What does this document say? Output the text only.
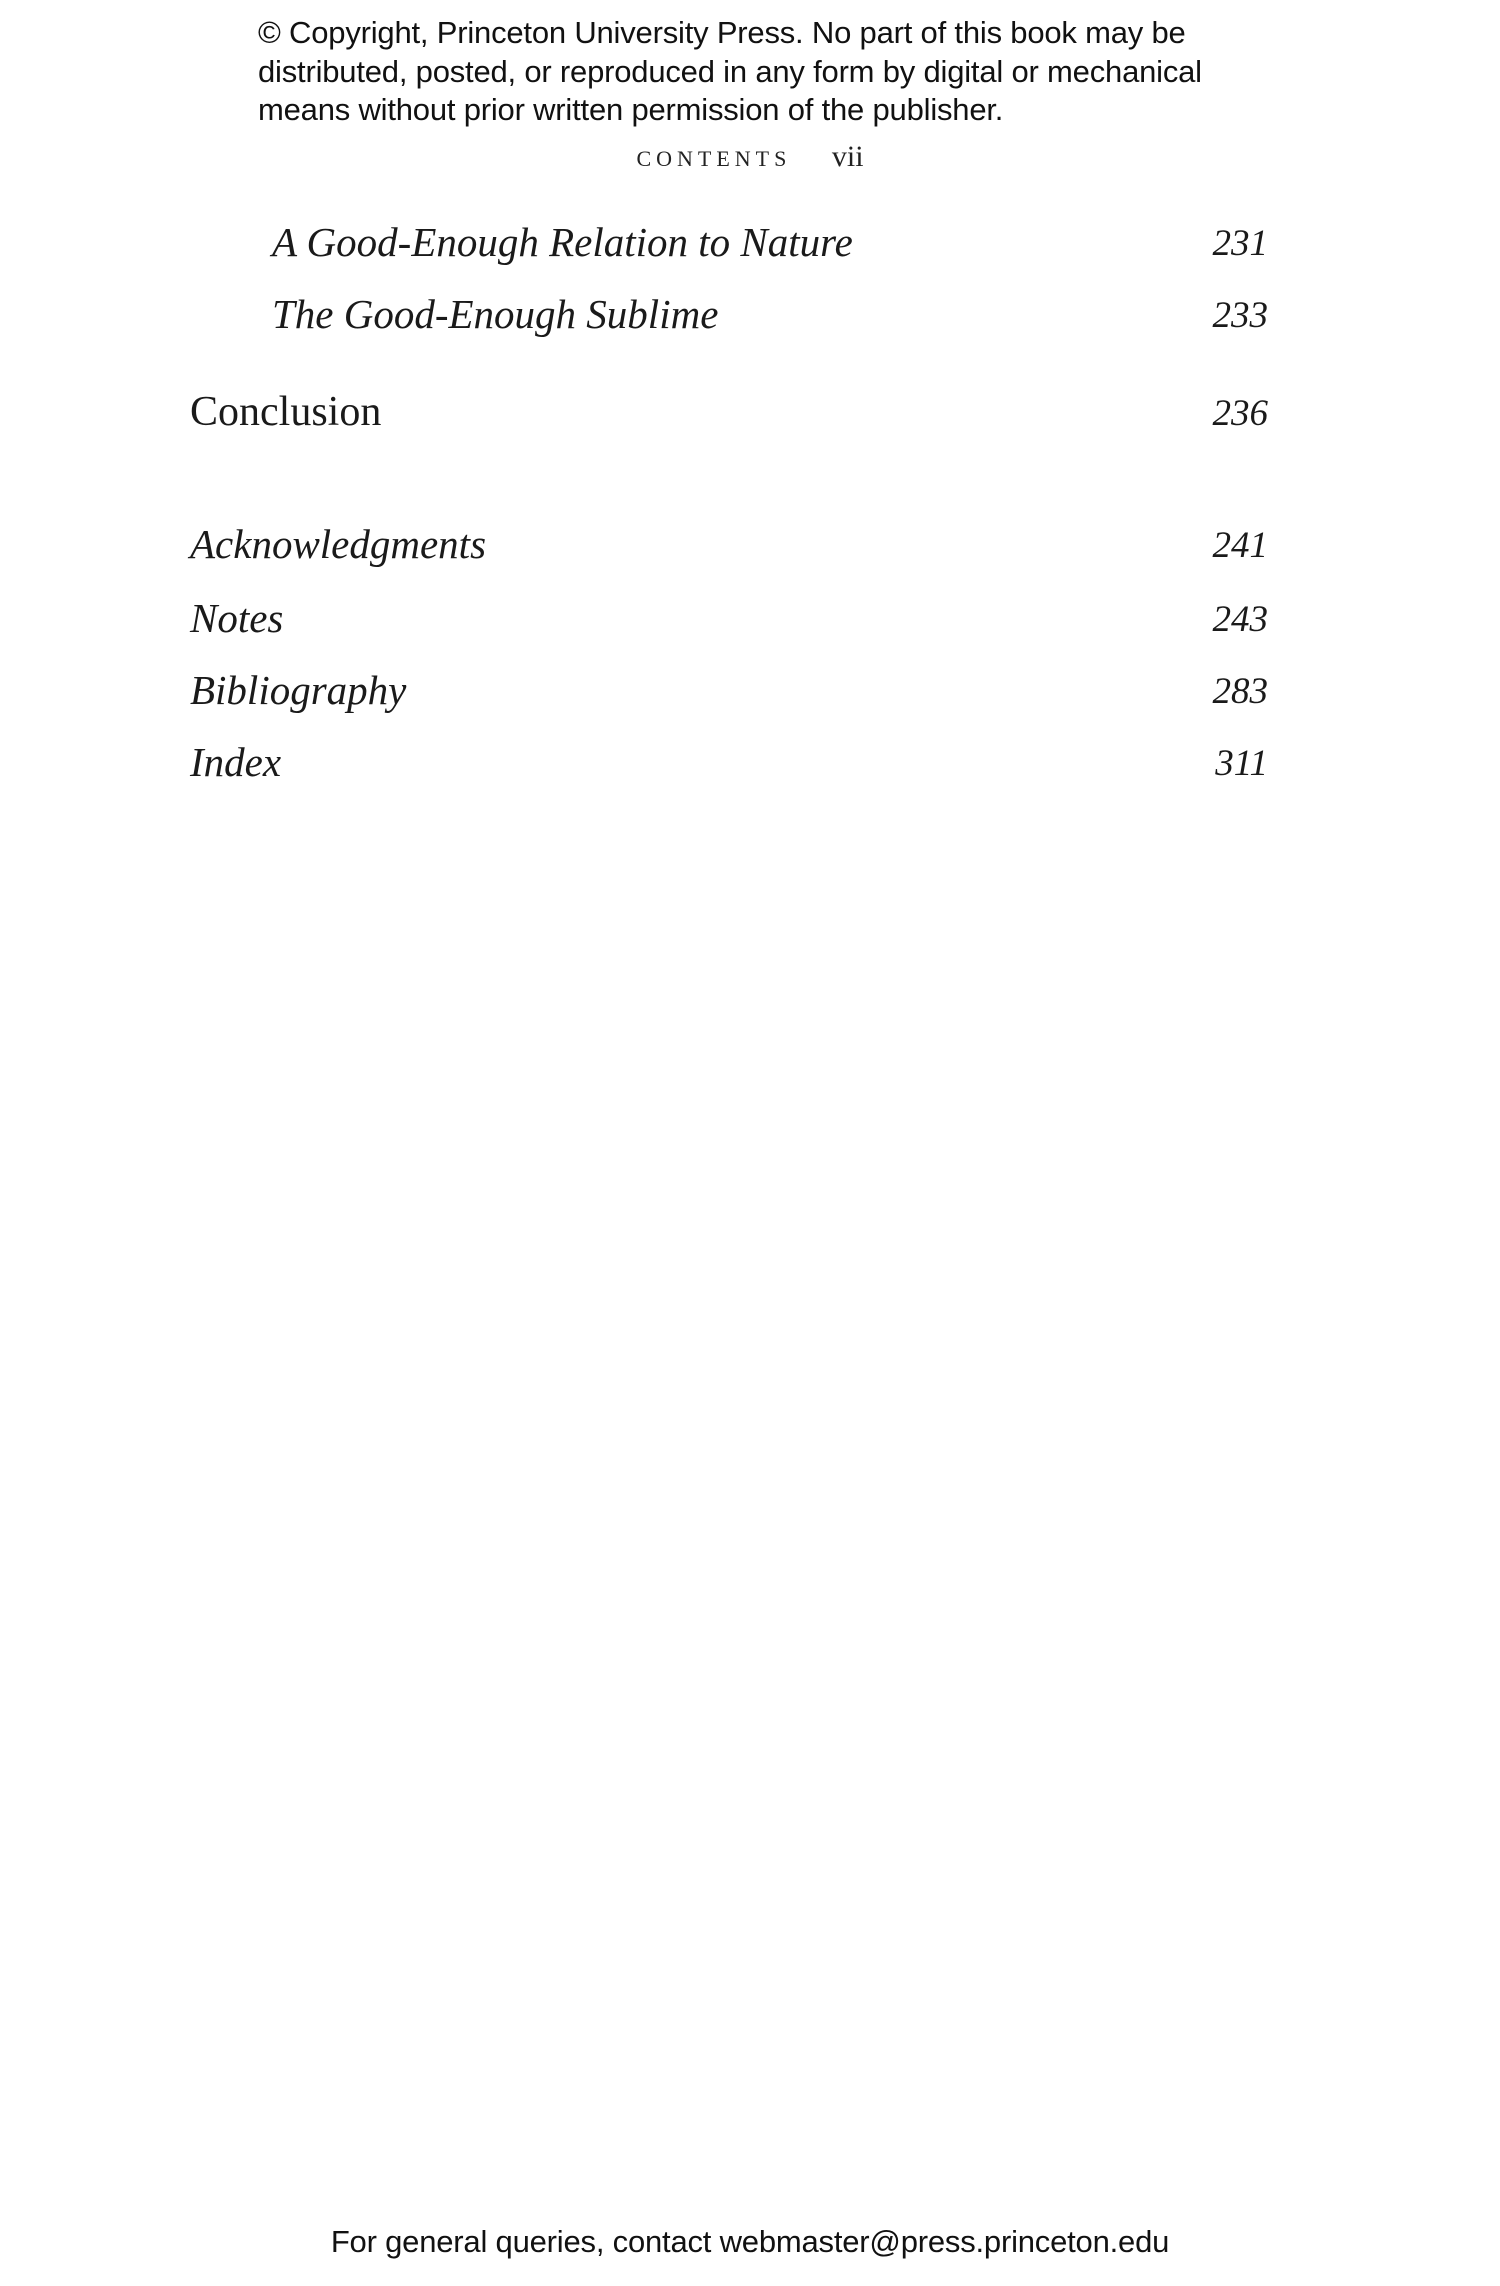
© Copyright, Princeton University Press. No part of this book may be
distributed, posted, or reproduced in any form by digital or mechanical
means without prior written permission of the publisher.
CONTENTS vii
A Good-Enough Relation to Nature	231
The Good-Enough Sublime	233
Conclusion	236
Acknowledgments	241
Notes	243
Bibliography	283
Index	311
For general queries, contact webmaster@press.princeton.edu
